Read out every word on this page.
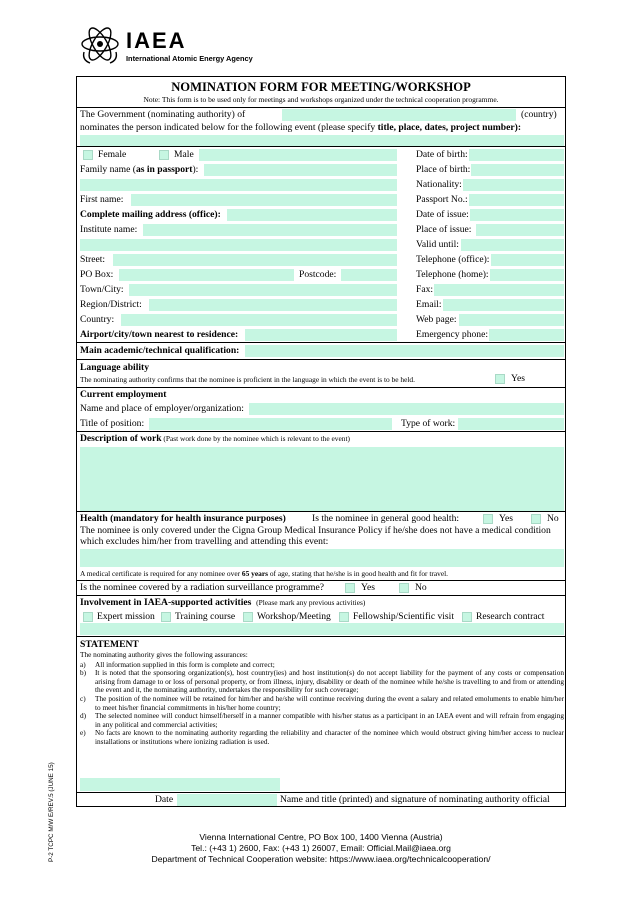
IAEA
International Atomic Energy Agency
NOMINATION FORM FOR MEETING/WORKSHOP
Note: This form is to be used only for meetings and workshops organized under the technical cooperation programme.
The Government (nominating authority) of	(country)
nominates the person indicated below for the following event (please specify title, place, dates, project number):
Female	Male
Family name (as in passport):
First name:
Complete mailing address (office):
Institute name:
Street:
PO Box:	Postcode:
Town/City:
Region/District:
Country:
Airport/city/town nearest to residence:
Date of birth:
Place of birth:
Nationality:
Passport No.:
Date of issue:
Place of issue:
Valid until:
Telephone (office):
Telephone (home):
Fax:
Email:
Web page:
Emergency phone:
Main academic/technical qualification:
Language ability
The nominating authority confirms that the nominee is proficient in the language in which the event is to be held.	Yes
Current employment
Name and place of employer/organization:
Title of position:	Type of work:
Description of work (Past work done by the nominee which is relevant to the event)
Health (mandatory for health insurance purposes)	Is the nominee in general good health:	Yes	No
The nominee is only covered under the Cigna Group Medical Insurance Policy if he/she does not have a medical condition
which excludes him/her from travelling and attending this event:
A medical certificate is required for any nominee over 65 years of age, stating that he/she is in good health and fit for travel.
Is the nominee covered by a radiation surveillance programme?	Yes	No
Involvement in IAEA-supported activities (Please mark any previous activities)
Expert mission Training course Workshop/Meeting Fellowship/Scientific visit Research contract
STATEMENT
The nominating authority gives the following assurances:
a) All information supplied in this form is complete and correct;
b) It is noted that the sponsoring organization(s), host country(ies) and host institution(s) do not accept liability for the payment of any costs or compensation arising from damage to or loss of personal property, or from illness, injury, disability or death of the nominee while he/she is travelling to and from or attending the event and it, the nominating authority, undertakes the responsibility for such coverage;
c) The position of the nominee will be retained for him/her and he/she will continue receiving during the event a salary and related emoluments to enable him/her to meet his/her financial commitments in his/her home country;
d) The selected nominee will conduct himself/herself in a manner compatible with his/her status as a participant in an IAEA event and will refrain from engaging in any political and commercial activities;
e) No facts are known to the nominating authority regarding the reliability and character of the nominee which would obstruct giving him/her access to nuclear installations or institutions where ionizing radiation is used.
Date	Name and title (printed) and signature of nominating authority official
Vienna International Centre, PO Box 100, 1400 Vienna (Austria)
Tel.: (+43 1) 2600, Fax: (+43 1) 26007, Email: Official.Mail@iaea.org
Department of Technical Cooperation website: https://www.iaea.org/technicalcooperation/
P-2 TCPC M/W E/REV.5 (JUNE 15)
